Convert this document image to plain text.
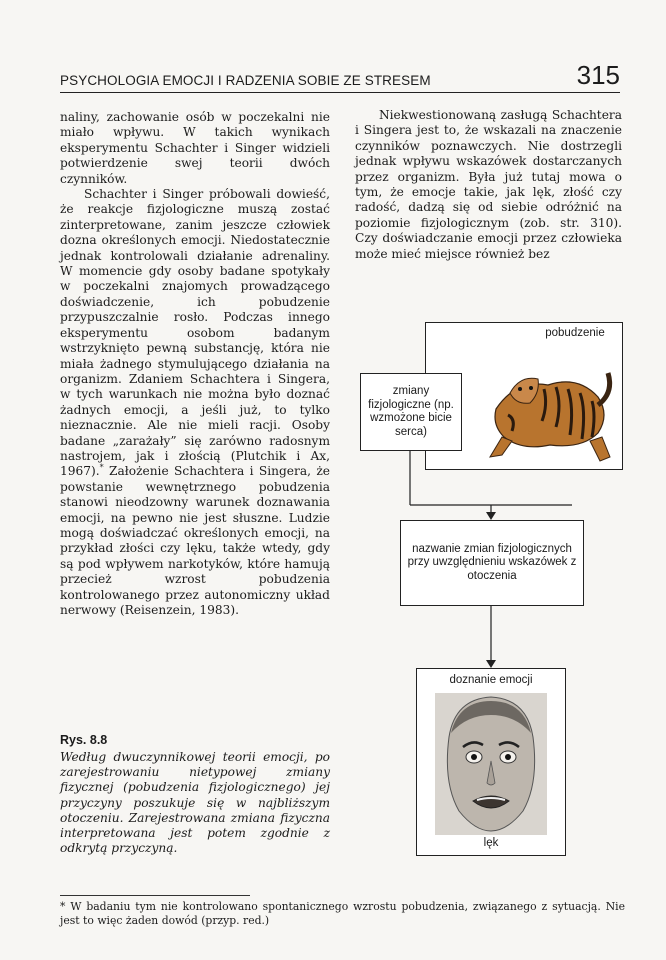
PSYCHOLOGIA EMOCJI I RADZENIA SOBIE ZE STRESEM	315

naliny, zachowanie osób w poczekalni nie miało wpływu. W takich wynikach eksperymentu Schachter i Singer widzieli potwierdzenie swej teorii dwóch czynników.

Schachter i Singer próbowali dowieść, że reakcje fizjologiczne muszą zostać zinterpretowane, zanim jeszcze człowiek dozna określonych emocji. Niedostatecznie jednak kontrolowali działanie adrenaliny. W momencie gdy osoby badane spotykały w poczekalni znajomych prowadzącego doświadczenie, ich pobudzenie przypuszczalnie rosło. Podczas innego eksperymentu osobom badanym wstrzyknięto pewną substancję, która nie miała żadnego stymulującego działania na organizm. Zdaniem Schachtera i Singera, w tych warunkach nie można było doznać żadnych emocji, a jeśli już, to tylko nieznacznie. Ale nie mieli racji. Osoby badane „zarażały” się zarówno radosnym nastrojem, jak i złością (Plutchik i Ax, 1967).* Założenie Schachtera i Singera, że powstanie wewnętrznego pobudzenia stanowi nieodzowny warunek doznawania emocji, na pewno nie jest słuszne. Ludzie mogą doświadczać określonych emocji, na przykład złości czy lęku, także wtedy, gdy są pod wpływem narkotyków, które hamują przecież wzrost pobudzenia kontrolowanego przez autonomiczny układ nerwowy (Reisenzein, 1983).

Niekwestionowaną zasługą Schachtera i Singera jest to, że wskazali na znaczenie czynników poznawczych. Nie dostrzegli jednak wpływu wskazówek dostarczanych przez organizm. Była już tutaj mowa o tym, że emocje takie, jak lęk, złość czy radość, dadzą się od siebie odróżnić na poziomie fizjologicznym (zob. str. 310). Czy doświadczanie emocji przez człowieka może mieć miejsce również bez

pobudzenie
zmiany fizjologiczne (np. wzmożone bicie serca)
nazwanie zmian fizjologicznych przy uwzględnieniu wskazówek z otoczenia
doznanie emocji
lęk
Rys. 8.8
Według dwuczynnikowej teorii emocji, po zarejestrowaniu nietypowej zmiany fizycznej (pobudzenia fizjologicznego) jej przyczyny poszukuje się w najbliższym otoczeniu. Zarejestrowana zmiana fizyczna interpretowana jest potem zgodnie z odkrytą przyczyną.
* W badaniu tym nie kontrolowano spontanicznego wzrostu pobudzenia, związanego z sytuacją. Nie jest to więc żaden dowód (przyp. red.)
